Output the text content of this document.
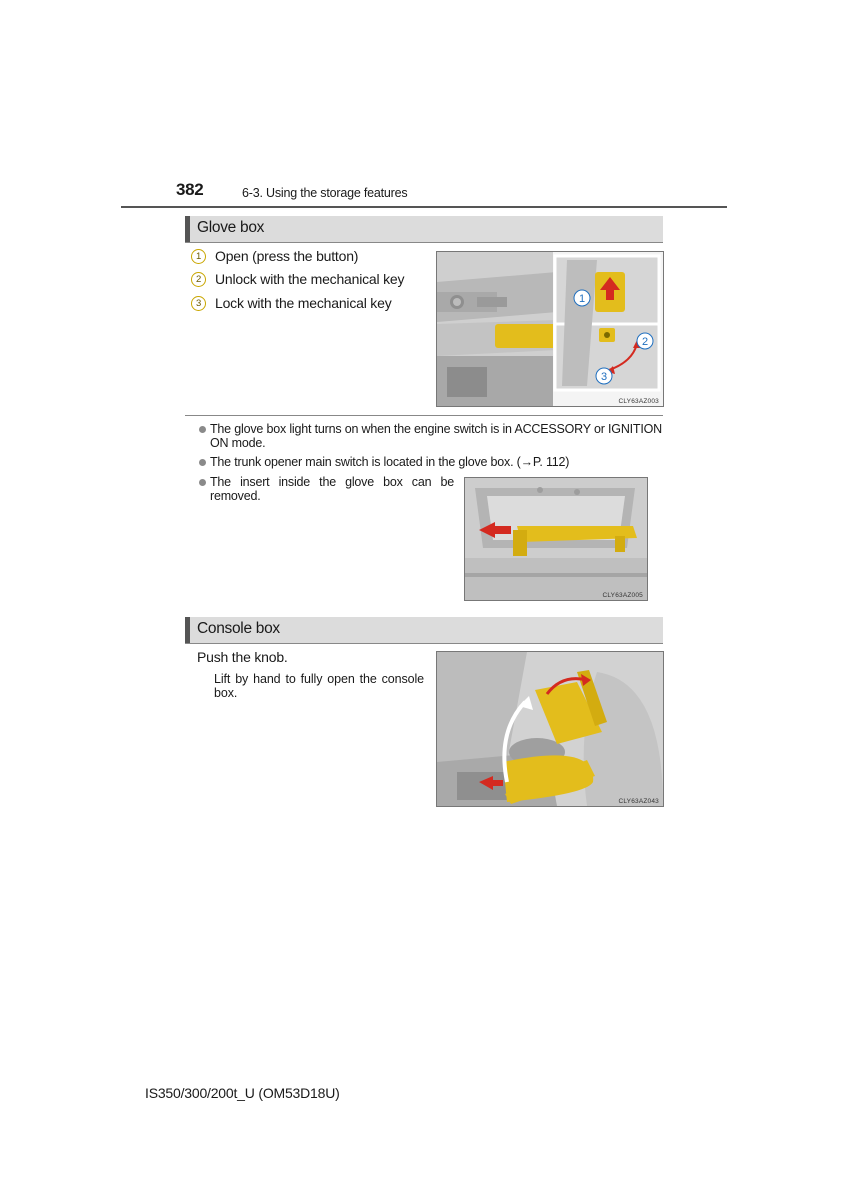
382	6-3. Using the storage features
Glove box
1 Open (press the button)
2 Unlock with the mechanical key
3 Lock with the mechanical key	1
2
3
CLY63AZ003
The glove box light turns on when the engine switch is in ACCESSORY or IGNITION ON mode.
The trunk opener main switch is located in the glove box. (→P. 112)
The insert inside the glove box can be removed.
CLY63AZ005
Console box
Push the knob.
Lift by hand to fully open the console box.
CLY63AZ043
IS350/300/200t_U (OM53D18U)
